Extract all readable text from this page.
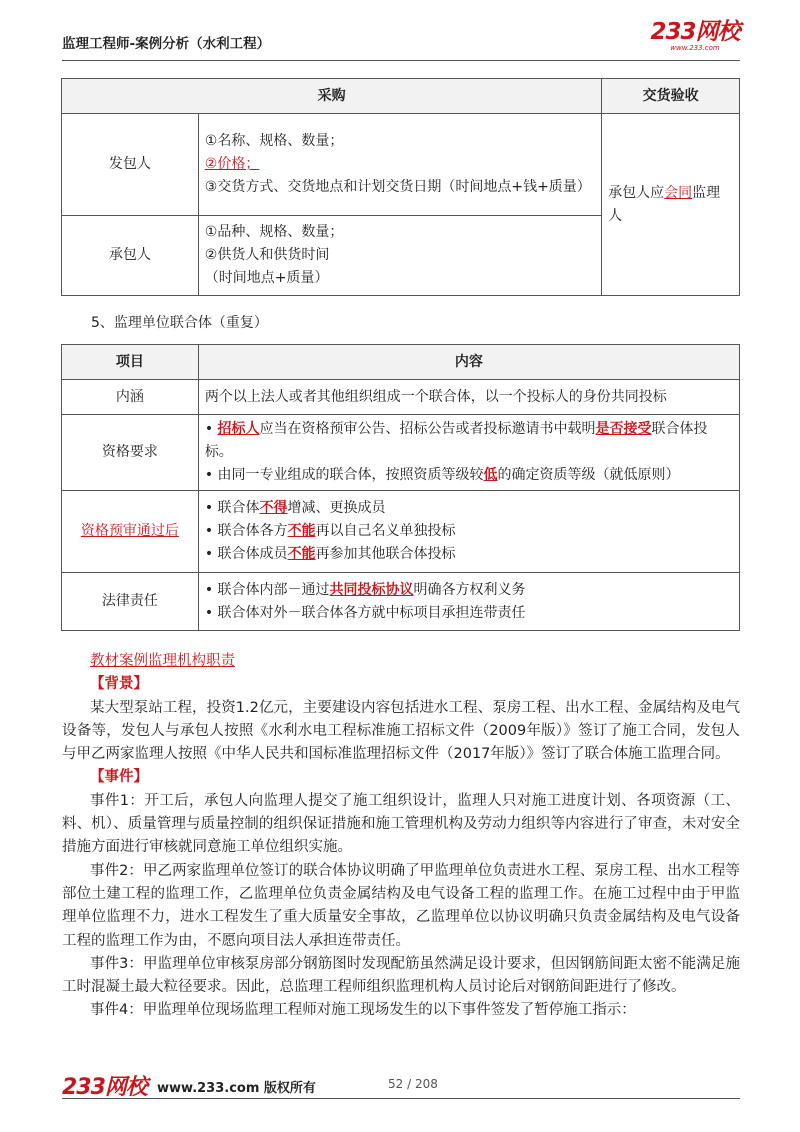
监理工程师-案例分析（水利工程）	233网校
www.233.com
采购		交货验收
发包人	①名称、规格、数量；
②价格；
③交货方式、交货地点和计划交货日期（时间地点+钱+质量）	承包人应会同监理人
承包人	①品种、规格、数量；
②供货人和供货时间
（时间地点+质量）	
5、监理单位联合体（重复）
项目	内容
内涵	两个以上法人或者其他组织组成一个联合体，以一个投标人的身份共同投标
资格要求	• 招标人应当在资格预审公告、招标公告或者投标邀请书中载明是否接受联合体投标。
• 由同一专业组成的联合体，按照资质等级较低的确定资质等级（就低原则）

资格预审通过后	• 联合体不得增减、更换成员
• 联合体各方不能再以自己名义单独投标
• 联合体成员不能再参加其他联合体投标

法律责任	• 联合体内部－通过共同投标协议明确各方权利义务
• 联合体对外－联合体各方就中标项目承担连带责任
教材案例监理机构职责
【背景】

某大型泵站工程，投资1.2亿元，主要建设内容包括进水工程、泵房工程、出水工程、金属结构及电气设备等，发包人与承包人按照《水利水电工程标准施工招标文件（2009年版）》签订了施工合同，发包人与甲乙两家监理人按照《中华人民共和国标准监理招标文件（2017年版）》签订了联合体施工监理合同。

【事件】

事件1：开工后，承包人向监理人提交了施工组织设计，监理人只对施工进度计划、各项资源（工、料、机）、质量管理与质量控制的组织保证措施和施工管理机构及劳动力组织等内容进行了审查，未对安全措施方面进行审核就同意施工单位组织实施。

事件2：甲乙两家监理单位签订的联合体协议明确了甲监理单位负责进水工程、泵房工程、出水工程等部位土建工程的监理工作，乙监理单位负责金属结构及电气设备工程的监理工作。在施工过程中由于甲监理单位监理不力，进水工程发生了重大质量安全事故，乙监理单位以协议明确只负责金属结构及电气设备工程的监理工作为由，不愿向项目法人承担连带责任。

事件3：甲监理单位审核泵房部分钢筋图时发现配筋虽然满足设计要求，但因钢筋间距太密不能满足施工时混凝土最大粒径要求。因此，总监理工程师组织监理机构人员讨论后对钢筋间距进行了修改。

事件4：甲监理单位现场监理工程师对施工现场发生的以下事件签发了暂停施工指示：

233网校 www.233.com 版权所有	52 / 208
